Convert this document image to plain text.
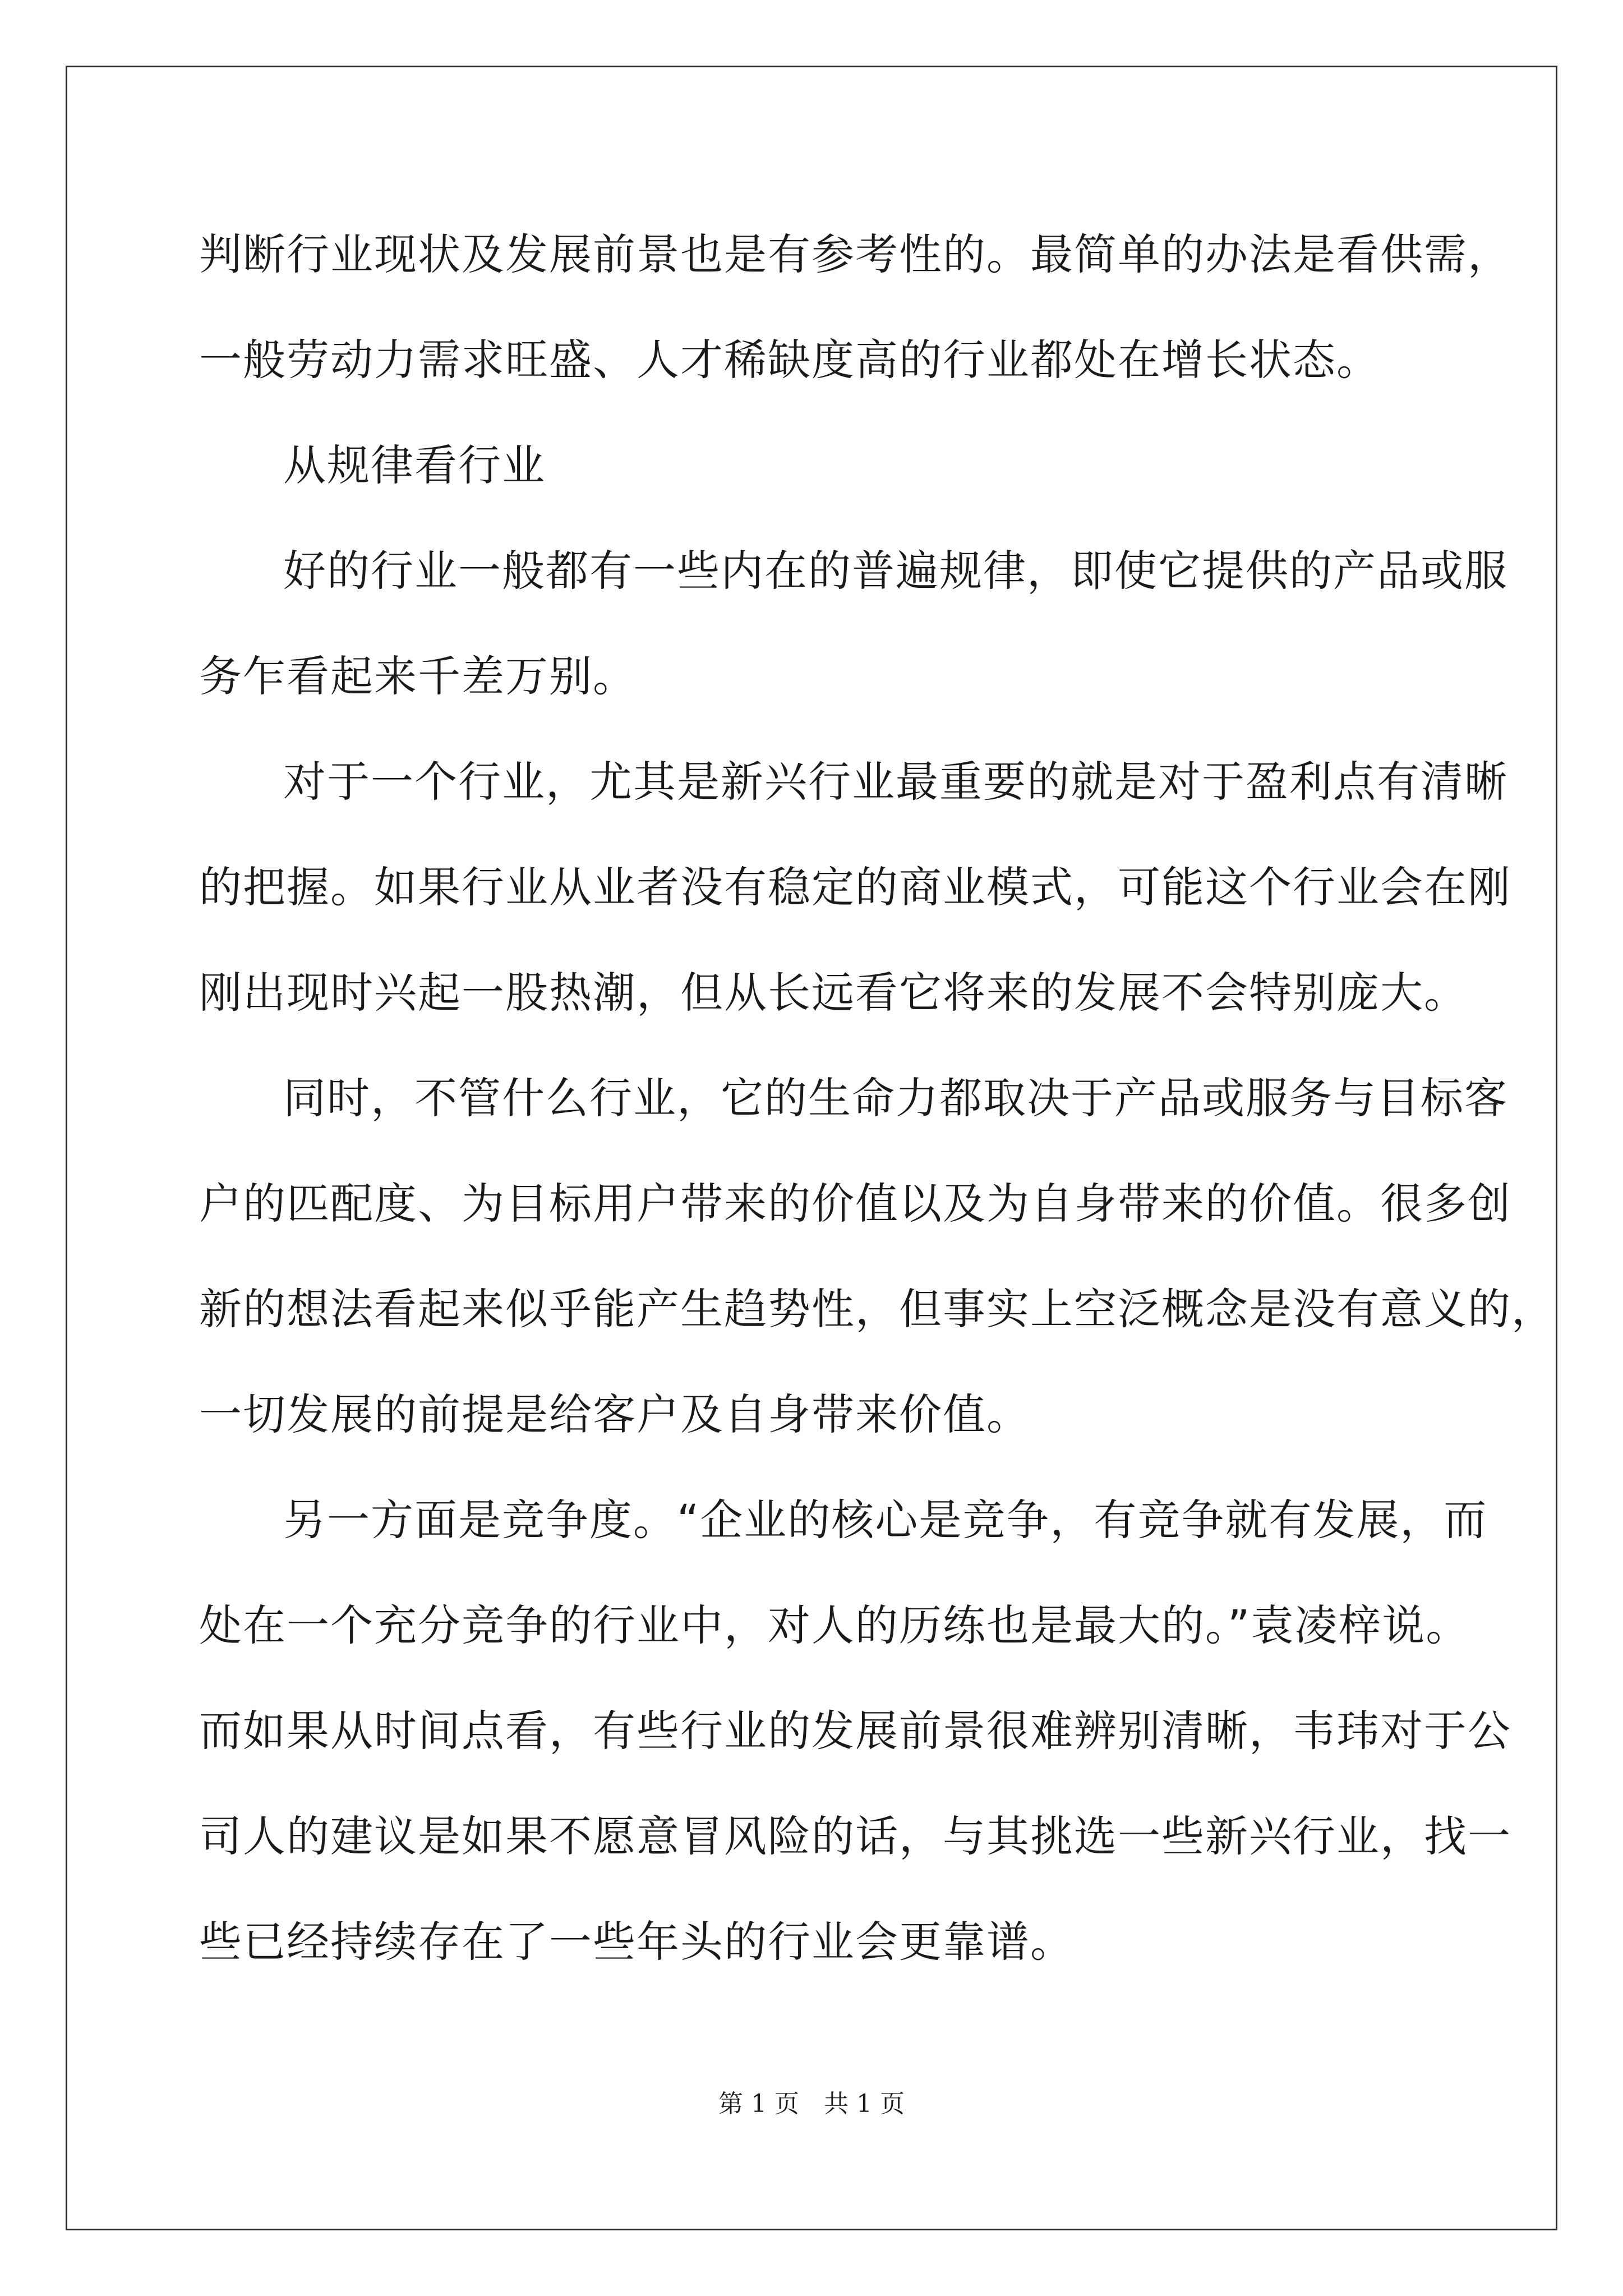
判断行业现状及发展前景也是有参考性的。最简单的办法是看供需，
一般劳动力需求旺盛、人才稀缺度高的行业都处在增长状态。
从规律看行业
好的行业一般都有一些内在的普遍规律，即使它提供的产品或服
务乍看起来千差万别。
对于一个行业，尤其是新兴行业最重要的就是对于盈利点有清晰
的把握。如果行业从业者没有稳定的商业模式，可能这个行业会在刚
刚出现时兴起一股热潮，但从长远看它将来的发展不会特别庞大。
同时，不管什么行业，它的生命力都取决于产品或服务与目标客
户的匹配度、为目标用户带来的价值以及为自身带来的价值。很多创
新的想法看起来似乎能产生趋势性，但事实上空泛概念是没有意义的，
一切发展的前提是给客户及自身带来价值。
另一方面是竞争度。“企业的核心是竞争，有竞争就有发展，而
处在一个充分竞争的行业中，对人的历练也是最大的。”袁凌梓说。
而如果从时间点看，有些行业的发展前景很难辨别清晰，韦玮对于公
司人的建议是如果不愿意冒风险的话，与其挑选一些新兴行业，找一
些已经持续存在了一些年头的行业会更靠谱。
第 1 页　共 1 页
